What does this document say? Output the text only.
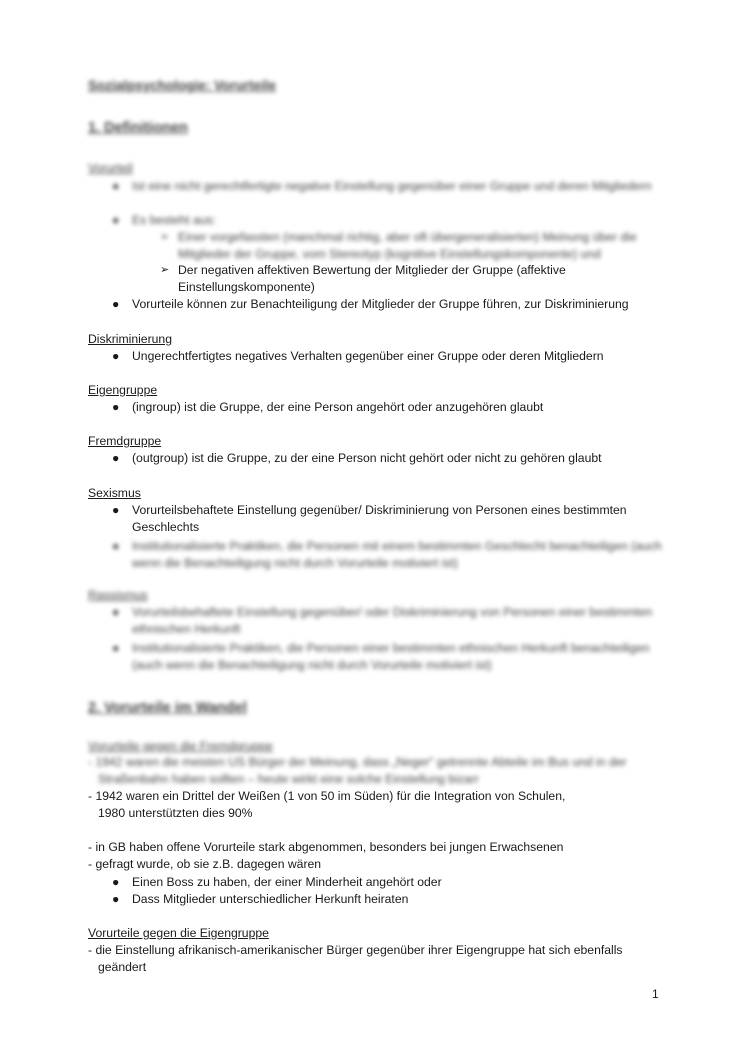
Sozialpsychologie: Vorurteile
1. Definitionen
Vorurteil
● Ist eine nicht gerechtfertigte negative Einstellung gegenüber einer Gruppe und deren Mitgliedern
● Es besteht aus:
➢ Einer vorgefassten (manchmal richtig, aber oft übergeneralisierten) Meinung über die Mitglieder der Gruppe, vom Stereotyp (kognitive Einstellungskomponente) und
➢ Der negativen affektiven Bewertung der Mitglieder der Gruppe (affektive Einstellungskomponente)
● Vorurteile können zur Benachteiligung der Mitglieder der Gruppe führen, zur Diskriminierung
Diskriminierung
● Ungerechtfertigtes negatives Verhalten gegenüber einer Gruppe oder deren Mitgliedern
Eigengruppe
● (ingroup) ist die Gruppe, der eine Person angehört oder anzugehören glaubt
Fremdgruppe
● (outgroup) ist die Gruppe, zu der eine Person nicht gehört oder nicht zu gehören glaubt
Sexismus
● Vorurteilsbehaftete Einstellung gegenüber/ Diskriminierung von Personen eines bestimmten Geschlechts
● Institutionalisierte Praktiken, die Personen mit einem bestimmten Geschlecht benachteiligen (auch wenn die Benachteiligung nicht durch Vorurteile motiviert ist)
Rassismus
● Vorurteilsbehaftete Einstellung gegenüber/ oder Diskriminierung von Personen einer bestimmten ethnischen Herkunft
● Institutionalisierte Praktiken, die Personen einer bestimmten ethnischen Herkunft benachteiligen (auch wenn die Benachteiligung nicht durch Vorurteile motiviert ist)
2. Vorurteile im Wandel
Vorurteile gegen die Fremdgruppe
- 1942 waren die meisten US Bürger der Meinung, dass „Neger“ getrennte Abteile im Bus und in der
Straßenbahn haben sollten – heute wirkt eine solche Einstellung bizarr
- 1942 waren ein Drittel der Weißen (1 von 50 im Süden) für die Integration von Schulen,
1980 unterstützten dies 90%
- in GB haben offene Vorurteile stark abgenommen, besonders bei jungen Erwachsenen
- gefragt wurde, ob sie z.B. dagegen wären
● Einen Boss zu haben, der einer Minderheit angehört oder
● Dass Mitglieder unterschiedlicher Herkunft heiraten
Vorurteile gegen die Eigengruppe
- die Einstellung afrikanisch-amerikanischer Bürger gegenüber ihrer Eigengruppe hat sich ebenfalls
geändert
1
